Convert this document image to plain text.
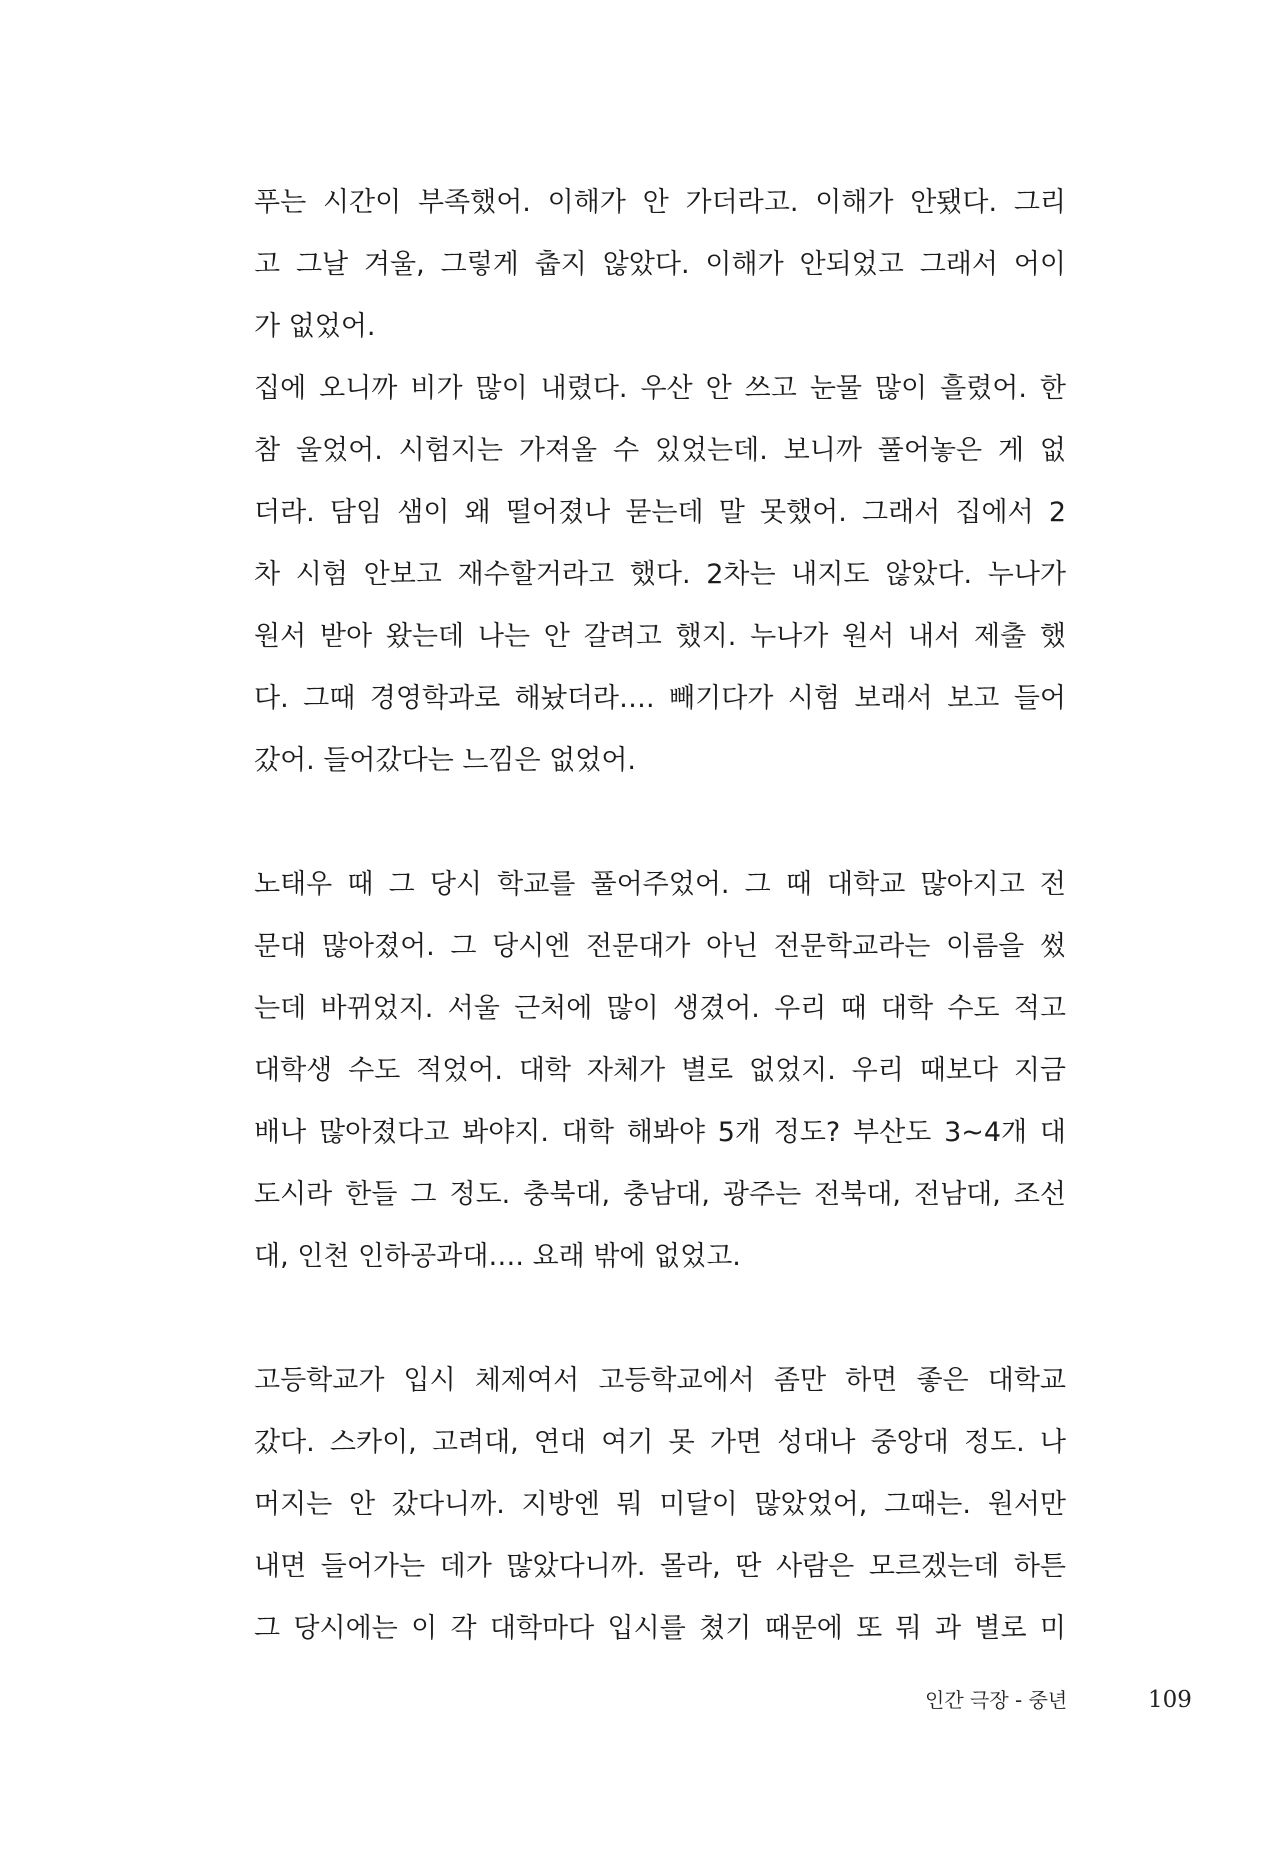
푸는 시간이 부족했어. 이해가 안 가더라고. 이해가 안됐다. 그리
고 그날 겨울, 그렇게 춥지 않았다. 이해가 안되었고 그래서 어이
가 없었어.
집에 오니까 비가 많이 내렸다. 우산 안 쓰고 눈물 많이 흘렸어. 한
참 울었어. 시험지는 가져올 수 있었는데. 보니까 풀어놓은 게 없
더라. 담임 샘이 왜 떨어졌나 묻는데 말 못했어. 그래서 집에서 2
차 시험 안보고 재수할거라고 했다. 2차는 내지도 않았다. 누나가
원서 받아 왔는데 나는 안 갈려고 했지. 누나가 원서 내서 제출 했
다. 그때 경영학과로 해놨더라…. 빼기다가 시험 보래서 보고 들어
갔어. 들어갔다는 느낌은 없었어.
노태우 때 그 당시 학교를 풀어주었어. 그 때 대학교 많아지고 전
문대 많아졌어. 그 당시엔 전문대가 아닌 전문학교라는 이름을 썼
는데 바뀌었지. 서울 근처에 많이 생겼어. 우리 때 대학 수도 적고
대학생 수도 적었어. 대학 자체가 별로 없었지. 우리 때보다 지금
배나 많아졌다고 봐야지. 대학 해봐야 5개 정도? 부산도 3~4개 대
도시라 한들 그 정도. 충북대, 충남대, 광주는 전북대, 전남대, 조선
대, 인천 인하공과대…. 요래 밖에 없었고.
고등학교가 입시 체제여서 고등학교에서 좀만 하면 좋은 대학교
갔다. 스카이, 고려대, 연대 여기 못 가면 성대나 중앙대 정도. 나
머지는 안 갔다니까. 지방엔 뭐 미달이 많았었어, 그때는. 원서만
내면 들어가는 데가 많았다니까. 몰라, 딴 사람은 모르겠는데 하튼
그 당시에는 이 각 대학마다 입시를 쳤기 때문에 또 뭐 과 별로 미
인간 극장 - 중년	109
